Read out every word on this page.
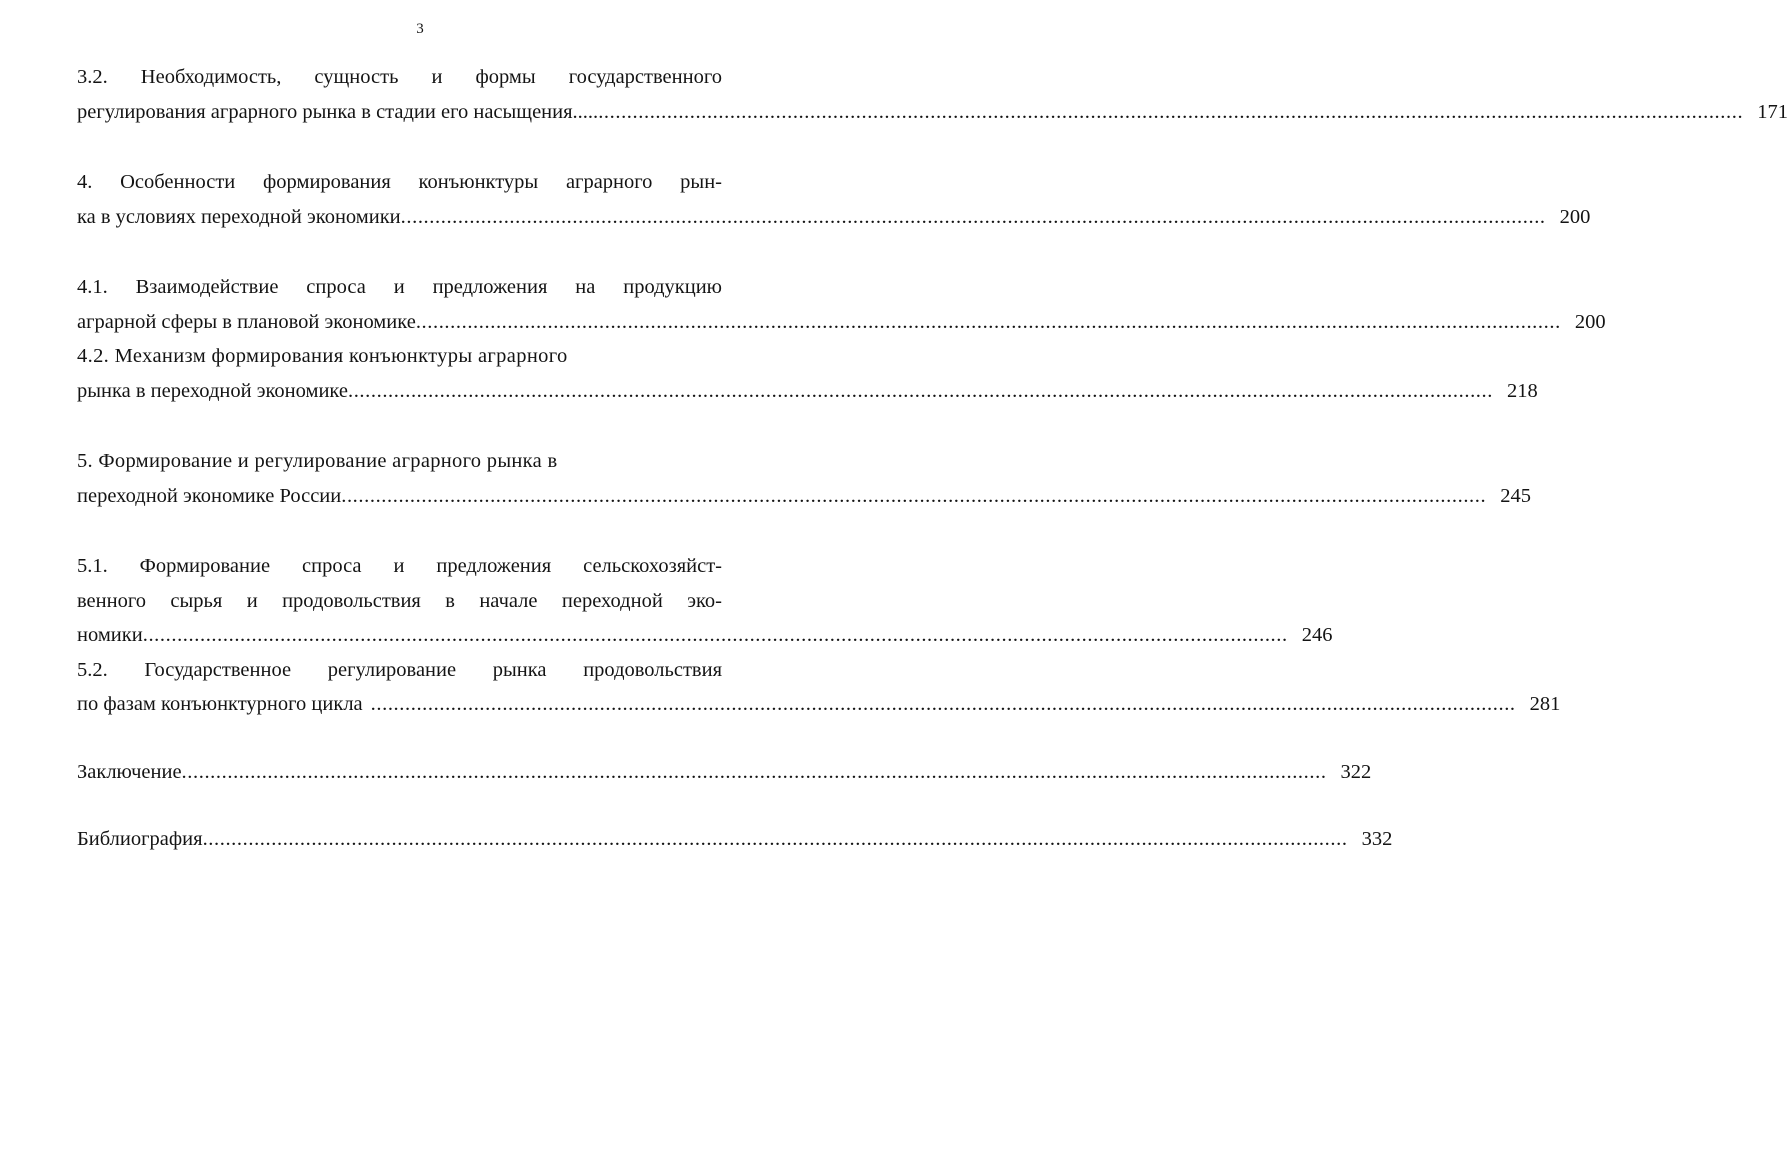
3
3.2. Необходимость, сущность и формы государственного
регулирования аграрного рынка в стадии его насыщения..... ........................................................................................................................................................................................................ 171
4. Особенности формирования конъюнктуры аграрного рын-
ка в условиях переходной экономики ........................................................................................................................................................................................................ 200
4.1. Взаимодействие спроса и предложения на продукцию
аграрной сферы в плановой экономике ........................................................................................................................................................................................................ 200
4.2. Механизм формирования конъюнктуры аграрного
рынка в переходной экономике ........................................................................................................................................................................................................ 218
5. Формирование и регулирование аграрного рынка в
переходной экономике России ........................................................................................................................................................................................................ 245
5.1. Формирование спроса и предложения сельскохозяйст-
венного сырья и продовольствия в начале переходной эко-
номики ........................................................................................................................................................................................................ 246
5.2. Государственное регулирование рынка продовольствия
по фазам конъюнктурного цикла ........................................................................................................................................................................................................ 281
Заключение ........................................................................................................................................................................................................ 322
Библиография ........................................................................................................................................................................................................ 332
